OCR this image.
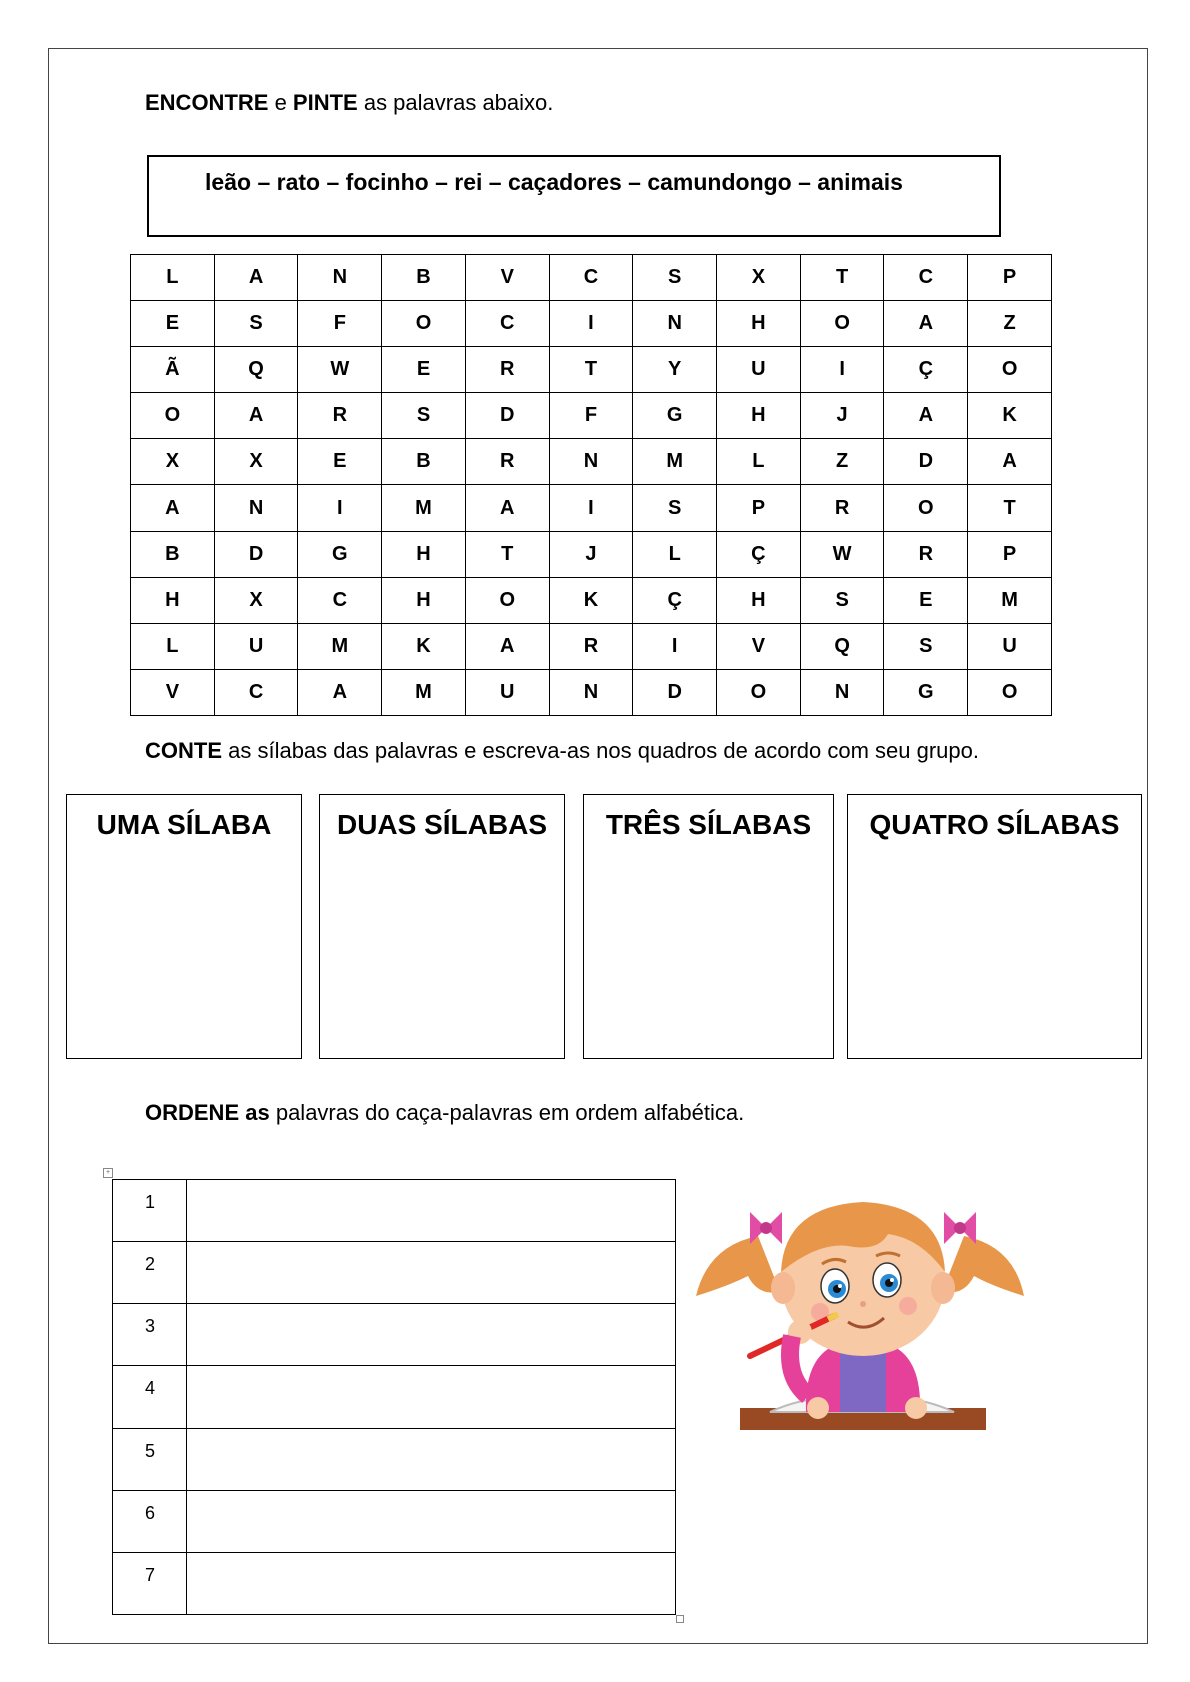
ENCONTRE e PINTE as palavras abaixo.
leão – rato – focinho – rei – caçadores – camundongo – animais
L	A	N	B	V	C	S	X	T	C	P
E	S	F	O	C	I	N	H	O	A	Z
Ã	Q	W	E	R	T	Y	U	I	Ç	O
O	A	R	S	D	F	G	H	J	A	K
X	X	E	B	R	N	M	L	Z	D	A
A	N	I	M	A	I	S	P	R	O	T
B	D	G	H	T	J	L	Ç	W	R	P
H	X	C	H	O	K	Ç	H	S	E	M
L	U	M	K	A	R	I	V	Q	S	U
V	C	A	M	U	N	D	O	N	G	O
CONTE as sílabas das palavras e escreva-as nos quadros de acordo com seu grupo.
UMA SÍLABA	DUAS SÍLABAS	TRÊS SÍLABAS	QUATRO SÍLABAS
ORDENE as palavras do caça-palavras em ordem alfabética.
+
1	
2	
3	
4	
5	
6	
7	
